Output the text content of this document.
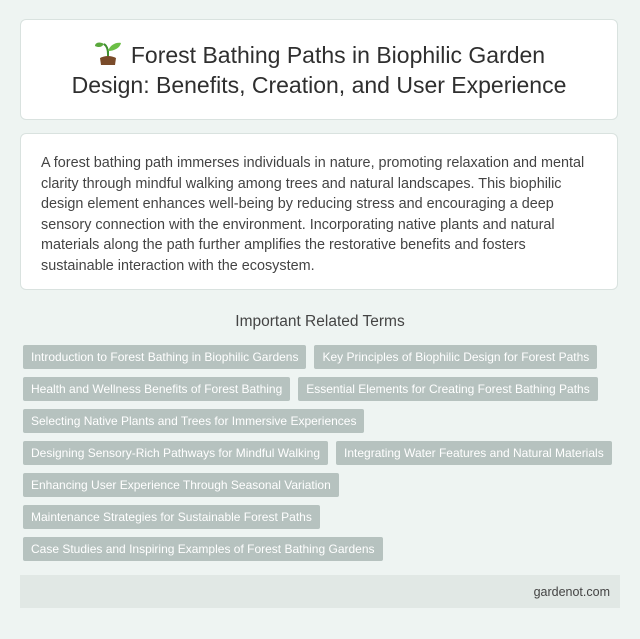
Forest Bathing Paths in Biophilic Garden Design: Benefits, Creation, and User Experience

A forest bathing path immerses individuals in nature, promoting relaxation and mental clarity through mindful walking among trees and natural landscapes. This biophilic design element enhances well-being by reducing stress and encouraging a deep sensory connection with the environment. Incorporating native plants and natural materials along the path further amplifies the restorative benefits and fosters sustainable interaction with the ecosystem.

Important Related Terms
Introduction to Forest Bathing in Biophilic Gardens	Key Principles of Biophilic Design for Forest Paths
Health and Wellness Benefits of Forest Bathing	Essential Elements for Creating Forest Bathing Paths
Selecting Native Plants and Trees for Immersive Experiences
Designing Sensory-Rich Pathways for Mindful Walking	Integrating Water Features and Natural Materials
Enhancing User Experience Through Seasonal Variation
Maintenance Strategies for Sustainable Forest Paths
Case Studies and Inspiring Examples of Forest Bathing Gardens
gardenot.com
